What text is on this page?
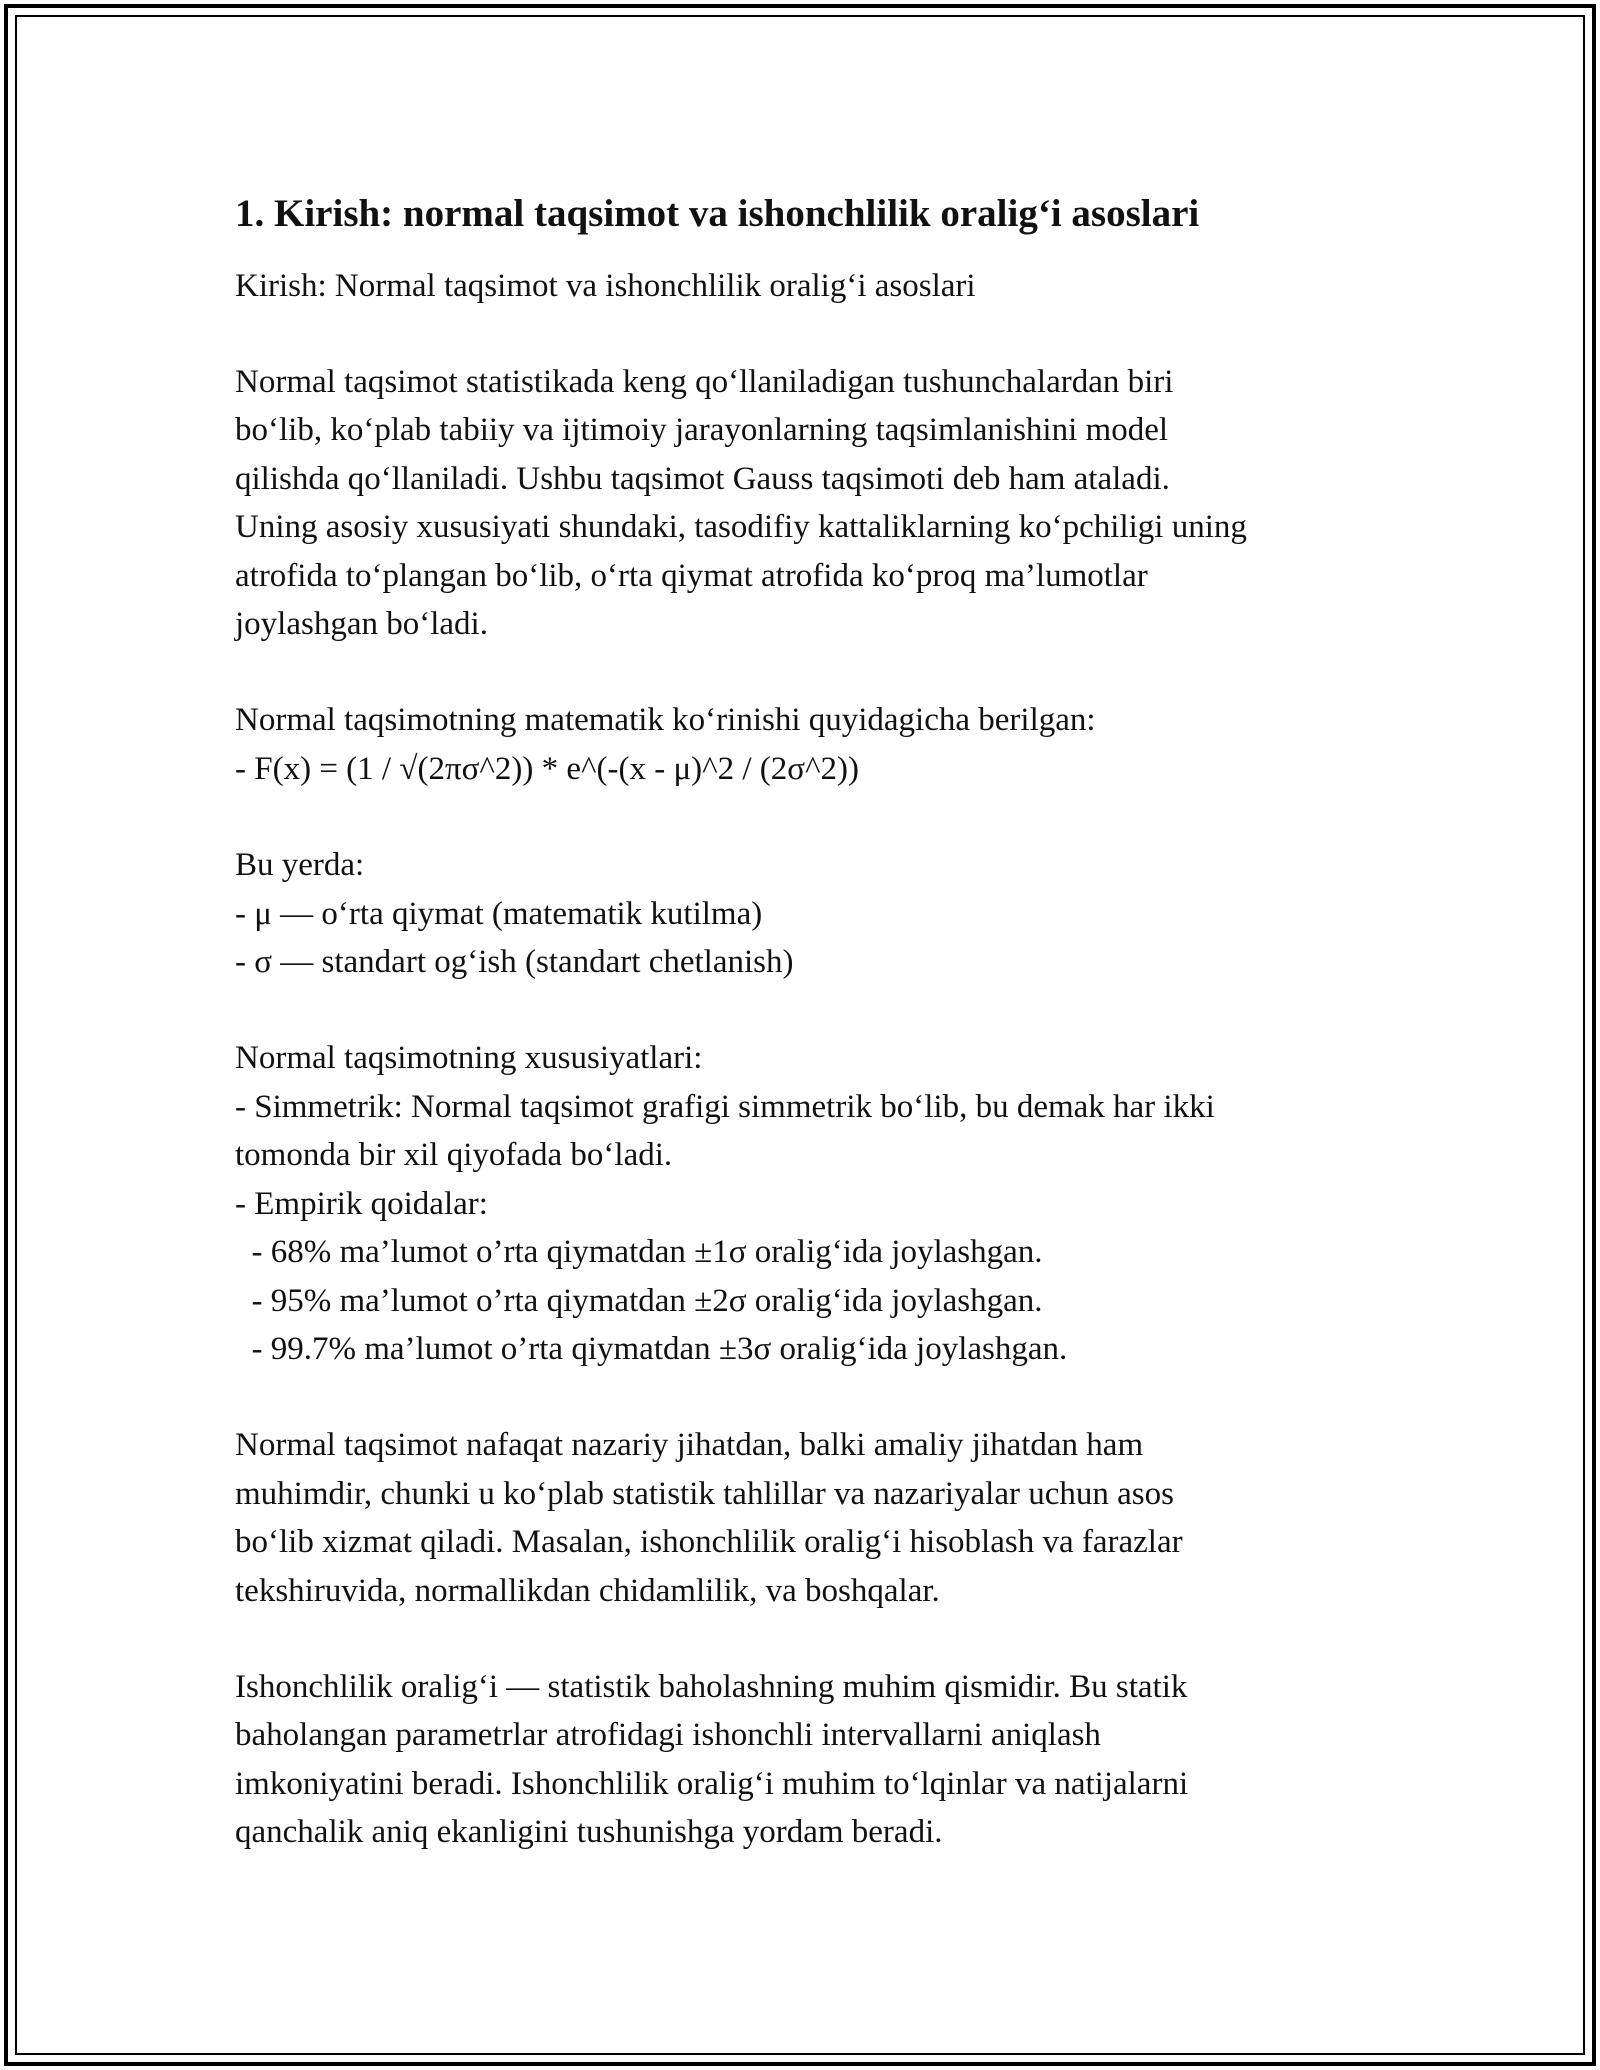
1. Kirish: normal taqsimot va ishonchlilik oralig‘i asoslari
Kirish: Normal taqsimot va ishonchlilik oralig‘i asoslari
Normal taqsimot statistikada keng qo‘llaniladigan tushunchalardan biri
bo‘lib, ko‘plab tabiiy va ijtimoiy jarayonlarning taqsimlanishini model
qilishda qo‘llaniladi. Ushbu taqsimot Gauss taqsimoti deb ham ataladi.
Uning asosiy xususiyati shundaki, tasodifiy kattaliklarning ko‘pchiligi uning
atrofida to‘plangan bo‘lib, o‘rta qiymat atrofida ko‘proq ma’lumotlar
joylashgan bo‘ladi.
Normal taqsimotning matematik ko‘rinishi quyidagicha berilgan:
- F(x) = (1 / √(2πσ^2)) * e^(-(x - μ)^2 / (2σ^2))
Bu yerda:
- μ — o‘rta qiymat (matematik kutilma)
- σ — standart og‘ish (standart chetlanish)
Normal taqsimotning xususiyatlari:
- Simmetrik: Normal taqsimot grafigi simmetrik bo‘lib, bu demak har ikki
tomonda bir xil qiyofada bo‘ladi.
- Empirik qoidalar:
- 68% ma’lumot o’rta qiymatdan ±1σ oralig‘ida joylashgan.
- 95% ma’lumot o’rta qiymatdan ±2σ oralig‘ida joylashgan.
- 99.7% ma’lumot o’rta qiymatdan ±3σ oralig‘ida joylashgan.
Normal taqsimot nafaqat nazariy jihatdan, balki amaliy jihatdan ham
muhimdir, chunki u ko‘plab statistik tahlillar va nazariyalar uchun asos
bo‘lib xizmat qiladi. Masalan, ishonchlilik oralig‘i hisoblash va farazlar
tekshiruvida, normallikdan chidamlilik, va boshqalar.
Ishonchlilik oralig‘i — statistik baholashning muhim qismidir. Bu statik
baholangan parametrlar atrofidagi ishonchli intervallarni aniqlash
imkoniyatini beradi. Ishonchlilik oralig‘i muhim to‘lqinlar va natijalarni
qanchalik aniq ekanligini tushunishga yordam beradi.
